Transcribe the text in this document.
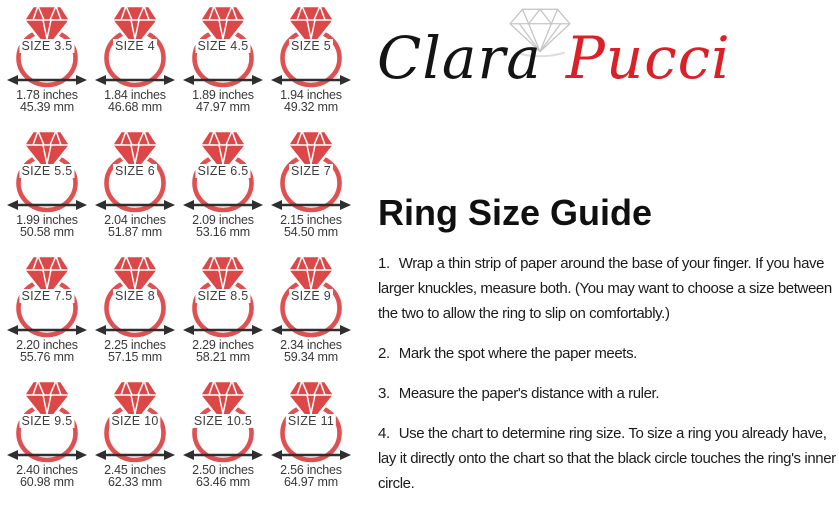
SIZE 3.5
1.78 inches
45.39 mm
SIZE 4
1.84 inches
46.68 mm
SIZE 4.5
1.89 inches
47.97 mm
SIZE 5
1.94 inches
49.32 mm
SIZE 5.5
1.99 inches
50.58 mm
SIZE 6
2.04 inches
51.87 mm
SIZE 6.5
2.09 inches
53.16 mm
SIZE 7
2.15 inches
54.50 mm
SIZE 7.5
2.20 inches
55.76 mm
SIZE 8
2.25 inches
57.15 mm
SIZE 8.5
2.29 inches
58.21 mm
SIZE 9
2.34 inches
59.34 mm
SIZE 9.5
2.40 inches
60.98 mm
SIZE 10
2.45 inches
62.33 mm
SIZE 10.5
2.50 inches
63.46 mm
SIZE 11
2.56 inches
64.97 mm
Clara Pucci
Ring Size Guide

1. Wrap a thin strip of paper around the base of your finger. If you have larger knuckles, measure both. (You may want to choose a size between the two to allow the ring to slip on comfortably.)

2. Mark the spot where the paper meets.

3. Measure the paper's distance with a ruler.

4. Use the chart to determine ring size. To size a ring you already have, lay it directly onto the chart so that the black circle touches the ring's inner circle.
